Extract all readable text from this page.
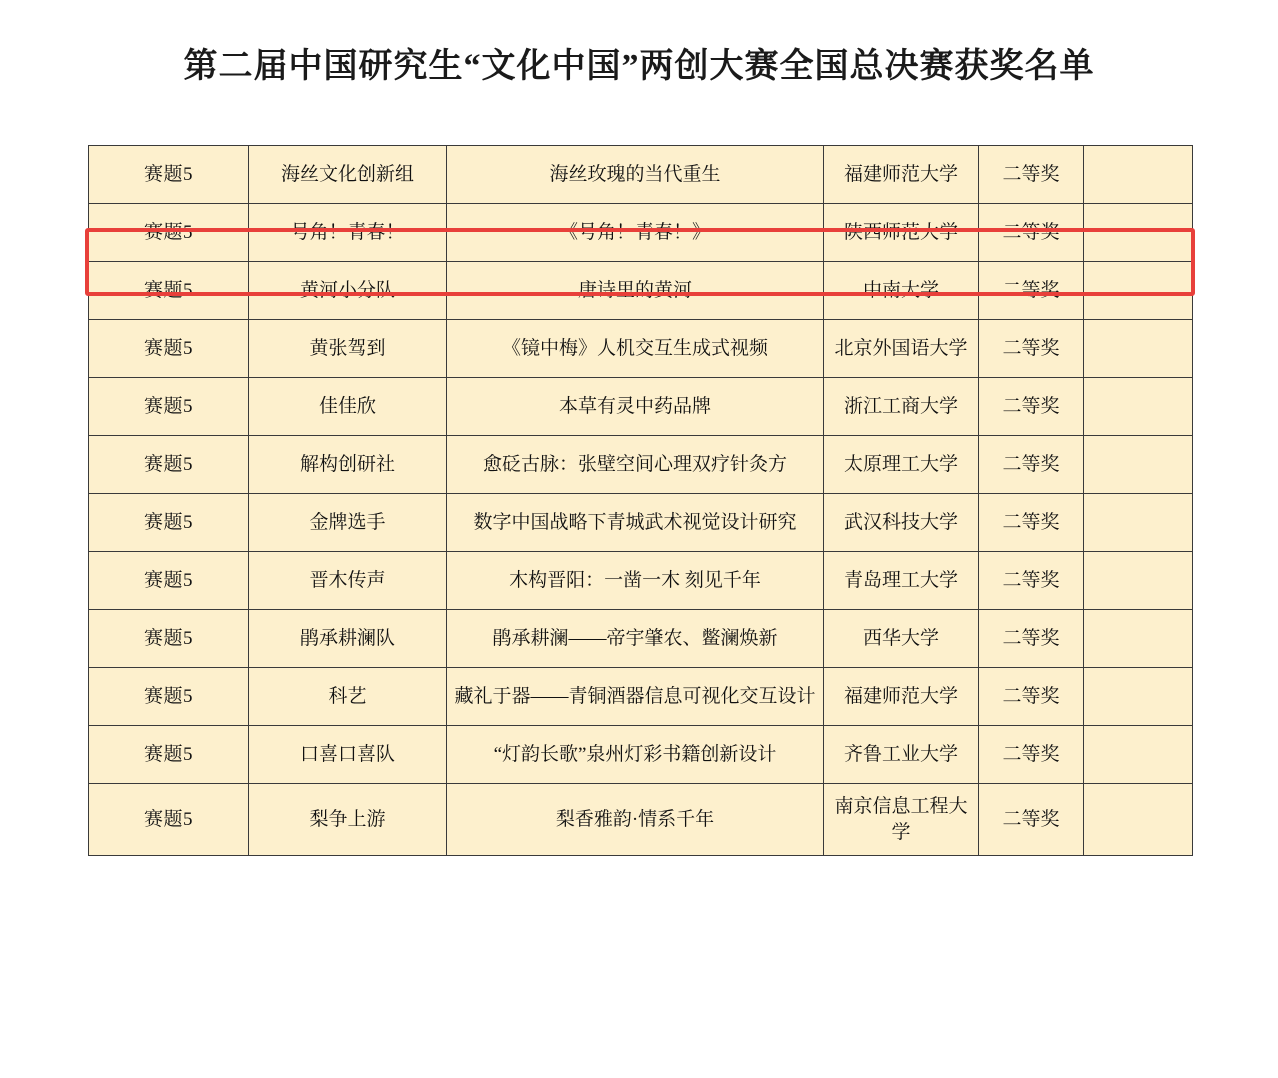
第二届中国研究生“文化中国”两创大赛全国总决赛获奖名单
赛题5	海丝文化创新组	海丝玫瑰的当代重生	福建师范大学	二等奖	
赛题5	号角！青春！	《号角！青春！》	陕西师范大学	二等奖	
赛题5	黄河小分队	唐诗里的黄河	中南大学	二等奖	
赛题5	黄张驾到	《镜中梅》人机交互生成式视频	北京外国语大学	二等奖	
赛题5	佳佳欣	本草有灵中药品牌	浙江工商大学	二等奖	
赛题5	解构创研社	愈砭古脉：张壁空间心理双疗针灸方	太原理工大学	二等奖	
赛题5	金牌选手	数字中国战略下青城武术视觉设计研究	武汉科技大学	二等奖	
赛题5	晋木传声	木构晋阳：一凿一木 刻见千年	青岛理工大学	二等奖	
赛题5	鹃承耕澜队	鹃承耕澜——帝宇肇农、鳖澜焕新	西华大学	二等奖	
赛题5	科艺	藏礼于器——青铜酒器信息可视化交互设计	福建师范大学	二等奖	
赛题5	口喜口喜队	“灯韵长歌”泉州灯彩书籍创新设计	齐鲁工业大学	二等奖	
赛题5	梨争上游	梨香雅韵·情系千年	南京信息工程大学	二等奖	
